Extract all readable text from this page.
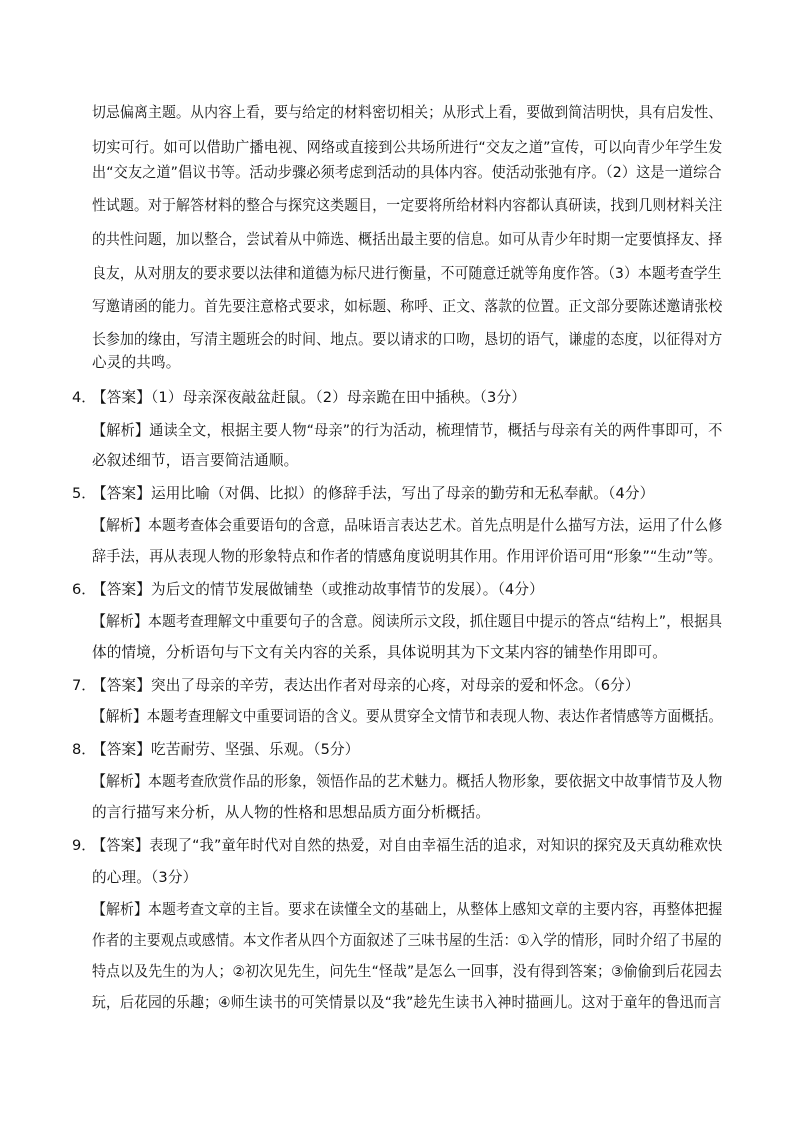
切忌偏离主题。从内容上看，要与给定的材料密切相关；从形式上看，要做到简洁明快，具有启发性、
切实可行。如可以借助广播电视、网络或直接到公共场所进行“交友之道”宣传，可以向青少年学生发
出“交友之道”倡议书等。活动步骤必须考虑到活动的具体内容。使活动张弛有序。（2）这是一道综合
性试题。对于解答材料的整合与探究这类题目，一定要将所给材料内容都认真研读，找到几则材料关注
的共性问题，加以整合，尝试着从中筛选、概括出最主要的信息。如可从青少年时期一定要慎择友、择
良友，从对朋友的要求要以法律和道德为标尺进行衡量，不可随意迁就等角度作答。（3）本题考查学生
写邀请函的能力。首先要注意格式要求，如标题、称呼、正文、落款的位置。正文部分要陈述邀请张校
长参加的缘由，写清主题班会的时间、地点。要以请求的口吻，恳切的语气，谦虚的态度，以征得对方
心灵的共鸣。
4．
【答案】（1）母亲深夜敲盆赶鼠。（2）母亲跪在田中插秧。（3分）
【解析】通读全文，根据主要人物“母亲”的行为活动，梳理情节，概括与母亲有关的两件事即可，不
必叙述细节，语言要简洁通顺。
5．
【答案】运用比喻（对偶、比拟）的修辞手法，写出了母亲的勤劳和无私奉献。（4分）
【解析】本题考查体会重要语句的含意，品味语言表达艺术。首先点明是什么描写方法，运用了什么修
辞手法，再从表现人物的形象特点和作者的情感角度说明其作用。作用评价语可用“形象”“生动”等。
6．
【答案】为后文的情节发展做铺垫（或推动故事情节的发展）。（4分）
【解析】本题考查理解文中重要句子的含意。阅读所示文段，抓住题目中提示的答点“结构上”，根据具
体的情境，分析语句与下文有关内容的关系，具体说明其为下文某内容的铺垫作用即可。
7．
【答案】突出了母亲的辛劳，表达出作者对母亲的心疼，对母亲的爱和怀念。（6分）
【解析】本题考查理解文中重要词语的含义。要从贯穿全文情节和表现人物、表达作者情感等方面概括。
8．
【答案】吃苦耐劳、坚强、乐观。（5分）
【解析】本题考查欣赏作品的形象，领悟作品的艺术魅力。概括人物形象，要依据文中故事情节及人物
的言行描写来分析，从人物的性格和思想品质方面分析概括。
9．
【答案】表现了“我”童年时代对自然的热爱，对自由幸福生活的追求，对知识的探究及天真幼稚欢快
的心理。（3分）
【解析】本题考查文章的主旨。要求在读懂全文的基础上，从整体上感知文章的主要内容，再整体把握
作者的主要观点或感情。本文作者从四个方面叙述了三味书屋的生活：①入学的情形，同时介绍了书屋的
特点以及先生的为人；②初次见先生，问先生“怪哉”是怎么一回事，没有得到答案；③偷偷到后花园去
玩，后花园的乐趣；④师生读书的可笑情景以及“我”趁先生读书入神时描画儿。这对于童年的鲁迅而言
